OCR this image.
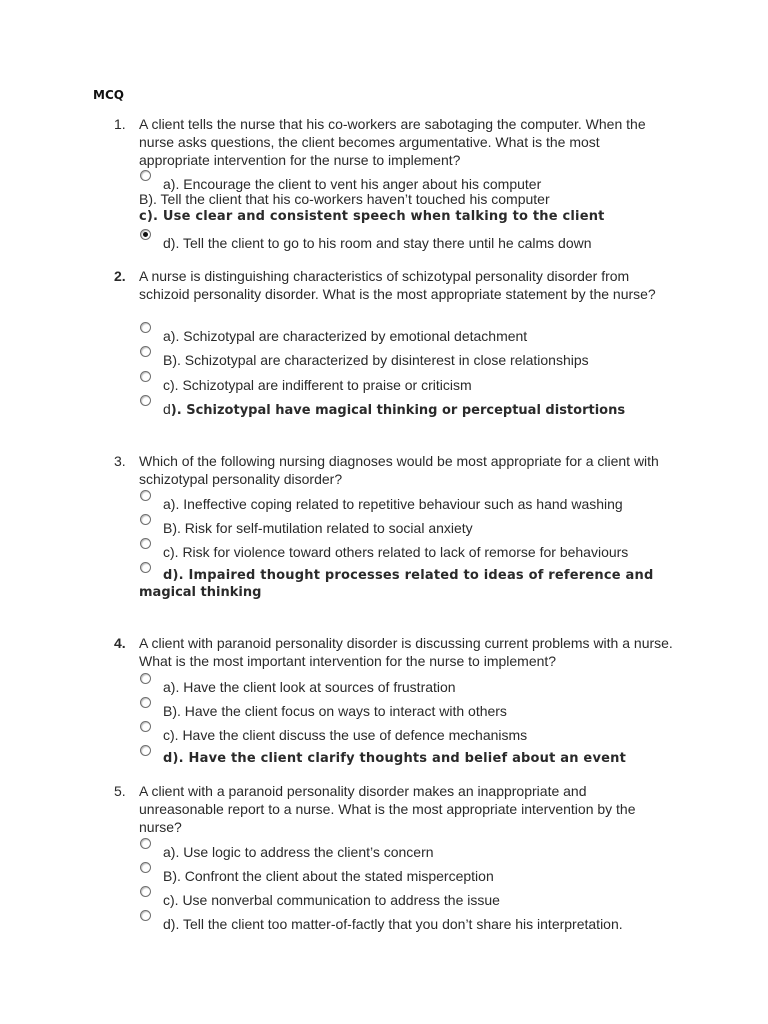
MCQ
1. A client tells the nurse that his co-workers are sabotaging the computer. When the nurse asks questions, the client becomes argumentative. What is the most appropriate intervention for the nurse to implement?
a). Encourage the client to vent his anger about his computer
B). Tell the client that his co-workers haven’t touched his computer
c). Use clear and consistent speech when talking to the client
d). Tell the client to go to his room and stay there until he calms down
2. A nurse is distinguishing characteristics of schizotypal personality disorder from schizoid personality disorder. What is the most appropriate statement by the nurse?
a). Schizotypal are characterized by emotional detachment
B). Schizotypal are characterized by disinterest in close relationships
c). Schizotypal are indifferent to praise or criticism
d). Schizotypal have magical thinking or perceptual distortions
3. Which of the following nursing diagnoses would be most appropriate for a client with schizotypal personality disorder?
a). Ineffective coping related to repetitive behaviour such as hand washing
B). Risk for self-mutilation related to social anxiety
c). Risk for violence toward others related to lack of remorse for behaviours
d). Impaired thought processes related to ideas of reference and
magical thinking
4. A client with paranoid personality disorder is discussing current problems with a nurse. What is the most important intervention for the nurse to implement?
a). Have the client look at sources of frustration
B). Have the client focus on ways to interact with others
c). Have the client discuss the use of defence mechanisms
d). Have the client clarify thoughts and belief about an event
5. A client with a paranoid personality disorder makes an inappropriate and unreasonable report to a nurse. What is the most appropriate intervention by the nurse?
a). Use logic to address the client’s concern
B). Confront the client about the stated misperception
c). Use nonverbal communication to address the issue
d). Tell the client too matter-of-factly that you don’t share his interpretation.
